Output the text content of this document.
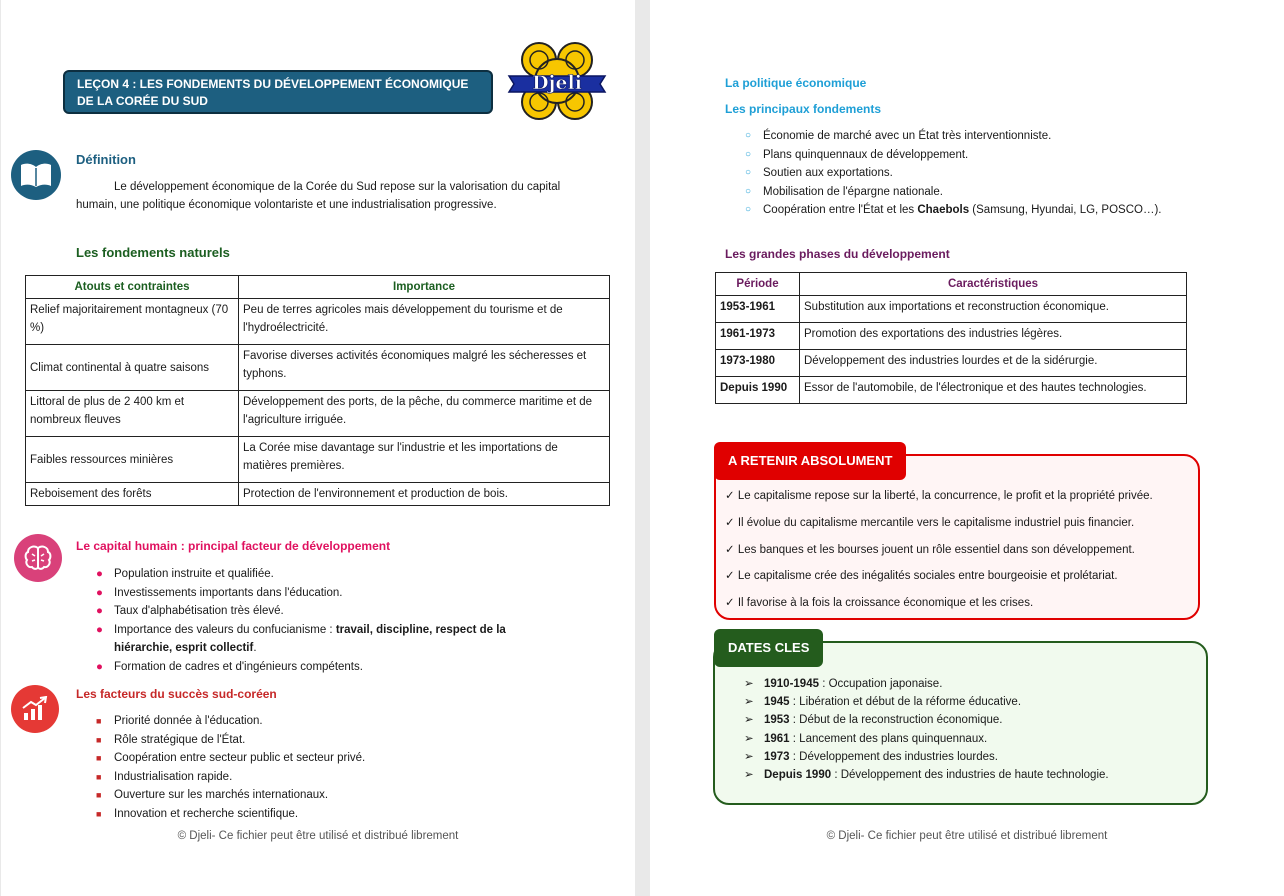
LEÇON 4 : LES FONDEMENTS DU DÉVELOPPEMENT ÉCONOMIQUE DE LA CORÉE DU SUD
Djeli
Définition
Le développement économique de la Corée du Sud repose sur la valorisation du capital humain, une politique économique volontariste et une industrialisation progressive.
Les fondements naturels
Atouts et contraintes	Importance
Relief majoritairement montagneux (70 %)	Peu de terres agricoles mais développement du tourisme et de l'hydroélectricité.
Climat continental à quatre saisons	Favorise diverses activités économiques malgré les sécheresses et typhons.
Littoral de plus de 2 400 km et nombreux fleuves	Développement des ports, de la pêche, du commerce maritime et de l'agriculture irriguée.
Faibles ressources minières	La Corée mise davantage sur l'industrie et les importations de matières premières.
Reboisement des forêts	Protection de l'environnement et production de bois.
Le capital humain : principal facteur de développement
● Population instruite et qualifiée.
● Investissements importants dans l'éducation.
● Taux d'alphabétisation très élevé.
● Importance des valeurs du confucianisme : travail, discipline, respect de la hiérarchie, esprit collectif.
● Formation de cadres et d'ingénieurs compétents.
Les facteurs du succès sud-coréen
■ Priorité donnée à l'éducation.
■ Rôle stratégique de l'État.
■ Coopération entre secteur public et secteur privé.
■ Industrialisation rapide.
■ Ouverture sur les marchés internationaux.
■ Innovation et recherche scientifique.
© Djeli- Ce fichier peut être utilisé et distribué librement
La politique économique
Les principaux fondements
○ Économie de marché avec un État très interventionniste.
○ Plans quinquennaux de développement.
○ Soutien aux exportations.
○ Mobilisation de l'épargne nationale.
○ Coopération entre l'État et les Chaebols (Samsung, Hyundai, LG, POSCO…).
Les grandes phases du développement
Période	Caractéristiques
1953-1961	Substitution aux importations et reconstruction économique.
1961-1973	Promotion des exportations des industries légères.
1973-1980	Développement des industries lourdes et de la sidérurgie.
Depuis 1990	Essor de l'automobile, de l'électronique et des hautes technologies.
A RETENIR ABSOLUMENT
✓ Le capitalisme repose sur la liberté, la concurrence, le profit et la propriété privée.
✓ Il évolue du capitalisme mercantile vers le capitalisme industriel puis financier.
✓ Les banques et les bourses jouent un rôle essentiel dans son développement.
✓ Le capitalisme crée des inégalités sociales entre bourgeoisie et prolétariat.
✓ Il favorise à la fois la croissance économique et les crises.
DATES CLES
➢ 1910-1945 : Occupation japonaise.
➢ 1945 : Libération et début de la réforme éducative.
➢ 1953 : Début de la reconstruction économique.
➢ 1961 : Lancement des plans quinquennaux.
➢ 1973 : Développement des industries lourdes.
➢ Depuis 1990 : Développement des industries de haute technologie.
© Djeli- Ce fichier peut être utilisé et distribué librement
